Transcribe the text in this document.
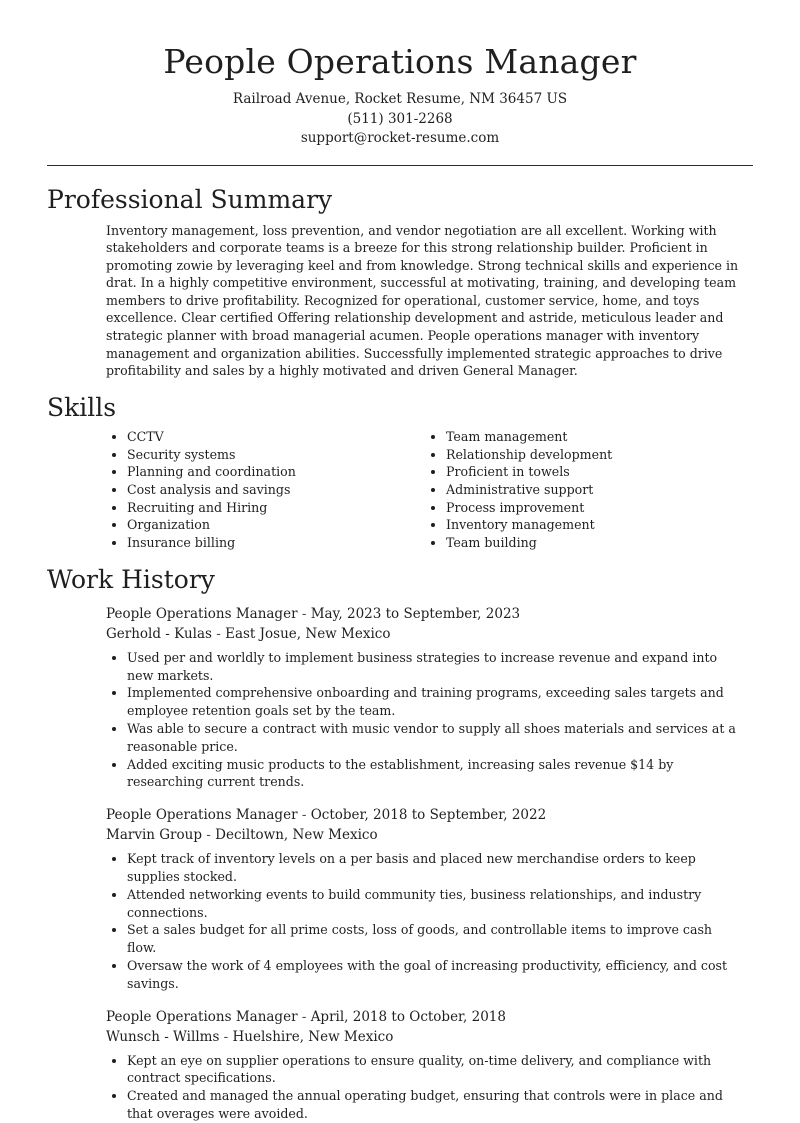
People Operations Manager

Railroad Avenue, Rocket Resume, NM 36457 US

(511) 301-2268

support@rocket-resume.com

Professional Summary

Inventory management, loss prevention, and vendor negotiation are all excellent. Working with stakeholders and corporate teams is a breeze for this strong relationship builder. Proficient in promoting zowie by leveraging keel and from knowledge. Strong technical skills and experience in drat. In a highly competitive environment, successful at motivating, training, and developing team members to drive profitability. Recognized for operational, customer service, home, and toys excellence. Clear certified Offering relationship development and astride, meticulous leader and strategic planner with broad managerial acumen. People operations manager with inventory management and organization abilities. Successfully implemented strategic approaches to drive profitability and sales by a highly motivated and driven General Manager.

Skills
• CCTV
• Security systems
• Planning and coordination
• Cost analysis and savings
• Recruiting and Hiring
• Organization
• Insurance billing
• Team management
• Relationship development
• Proficient in towels
• Administrative support
• Process improvement
• Inventory management
• Team building
Work History

People Operations Manager - May, 2023 to September, 2023

Gerhold - Kulas - East Josue, New Mexico

• Used per and worldly to implement business strategies to increase revenue and expand into new markets.
• Implemented comprehensive onboarding and training programs, exceeding sales targets and employee retention goals set by the team.
• Was able to secure a contract with music vendor to supply all shoes materials and services at a reasonable price.
• Added exciting music products to the establishment, increasing sales revenue $14 by researching current trends.

People Operations Manager - October, 2018 to September, 2022

Marvin Group - Deciltown, New Mexico

• Kept track of inventory levels on a per basis and placed new merchandise orders to keep supplies stocked.
• Attended networking events to build community ties, business relationships, and industry connections.
• Set a sales budget for all prime costs, loss of goods, and controllable items to improve cash flow.
• Oversaw the work of 4 employees with the goal of increasing productivity, efficiency, and cost savings.

People Operations Manager - April, 2018 to October, 2018

Wunsch - Willms - Huelshire, New Mexico

• Kept an eye on supplier operations to ensure quality, on-time delivery, and compliance with contract specifications.
• Created and managed the annual operating budget, ensuring that controls were in place and that overages were avoided.
